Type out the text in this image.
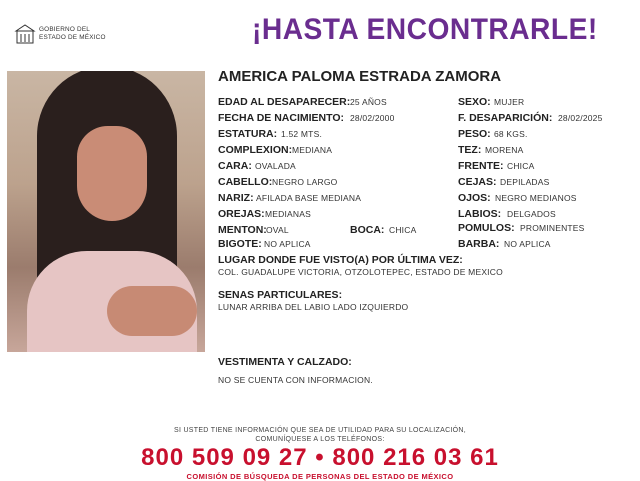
GOBIERNO DEL
ESTADO DE MÉXICO	¡HASTA ENCONTRARLE!
AMERICA PALOMA ESTRADA ZAMORA
EDAD AL DESAPARECER: 25 AÑOS
FECHA DE NACIMIENTO: 28/02/2000
ESTATURA: 1.52 MTS.
COMPLEXION: MEDIANA
CARA: OVALADA
CABELLO: NEGRO LARGO
NARIZ: AFILADA BASE MEDIANA
OREJAS: MEDIANAS
MENTON: OVAL	BOCA: CHICA
BIGOTE: NO APLICA
SEXO: MUJER
F. DESAPARICIÓN: 28/02/2025
PESO: 68 KGS.
TEZ: MORENA
FRENTE: CHICA
CEJAS: DEPILADAS
OJOS: NEGRO MEDIANOS
LABIOS: DELGADOS
POMULOS: PROMINENTES
BARBA: NO APLICA
LUGAR DONDE FUE VISTO(A) POR ÚLTIMA VEZ:
COL. GUADALUPE VICTORIA, OTZOLOTEPEC, ESTADO DE MEXICO
SENAS PARTICULARES:
LUNAR ARRIBA DEL LABIO LADO IZQUIERDO
VESTIMENTA Y CALZADO:
NO SE CUENTA CON INFORMACION.
SI USTED TIENE INFORMACIÓN QUE SEA DE UTILIDAD PARA SU LOCALIZACIÓN,
COMUNÍQUESE A LOS TELÉFONOS:
800 509 09 27 • 800 216 03 61
COMISIÓN DE BÚSQUEDA DE PERSONAS DEL ESTADO DE MÉXICO
